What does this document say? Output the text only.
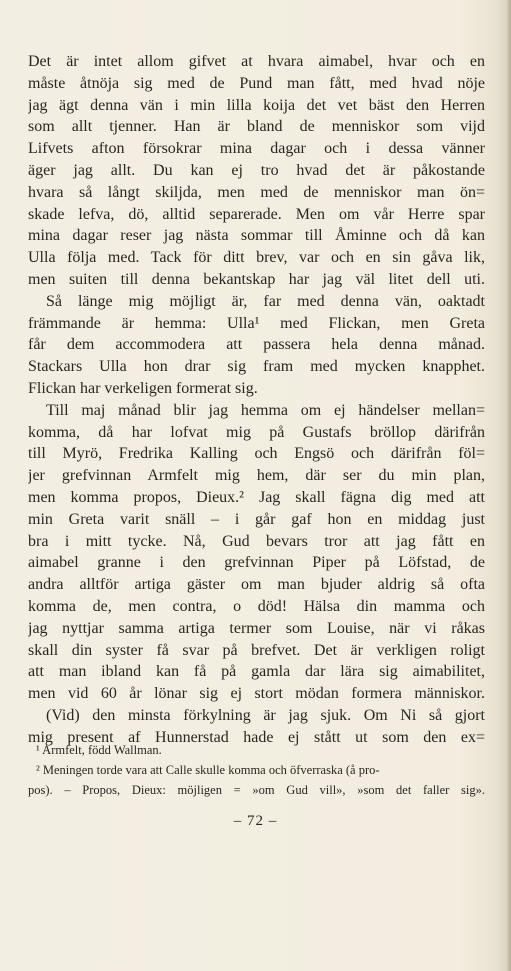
Det är intet allom gifvet at hvara aimabel, hvar och en
måste åtnöja sig med de Pund man fått, med hvad nöje
jag ägt denna vän i min lilla koija det vet bäst den Herren
som allt tjenner. Han är bland de menniskor som vijd
Lifvets afton försokrar mina dagar och i dessa vänner
äger jag allt. Du kan ej tro hvad det är påkostande
hvara så långt skiljda, men med de menniskor man ön=
skade lefva, dö, alltid separerade. Men om vår Herre spar
mina dagar reser jag nästa sommar till Åminne och då kan
Ulla följa med. Tack för ditt brev, var och en sin gåva lik,
men suiten till denna bekantskap har jag väl litet dell uti.
Så länge mig möjligt är, far med denna vän, oaktadt
främmande är hemma: Ulla¹ med Flickan, men Greta
får dem accommodera att passera hela denna månad.
Stackars Ulla hon drar sig fram med mycken knapphet.
Flickan har verkeligen formerat sig.
Till maj månad blir jag hemma om ej händelser mellan=
komma, då har lofvat mig på Gustafs bröllop därifrån
till Myrö, Fredrika Kalling och Engsö och därifrån föl=
jer grefvinnan Armfelt mig hem, där ser du min plan,
men komma propos, Dieux.² Jag skall fägna dig med att
min Greta varit snäll – i går gaf hon en middag just
bra i mitt tycke. Nå, Gud bevars tror att jag fått en
aimabel granne i den grefvinnan Piper på Löfstad, de
andra alltför artiga gäster om man bjuder aldrig så ofta
komma de, men contra, o död! Hälsa din mamma och
jag nyttjar samma artiga termer som Louise, när vi råkas
skall din syster få svar på brefvet. Det är verkligen roligt
att man ibland kan få på gamla dar lära sig aimabilitet,
men vid 60 år lönar sig ej stort mödan formera människor.
(Vid) den minsta förkylning är jag sjuk. Om Ni så gjort
mig present af Hunnerstad hade ej stått ut som den ex=
¹ Armfelt, född Wallman.
² Meningen torde vara att Calle skulle komma och öfverraska (å pro-
pos). – Propos, Dieux: möjligen = »om Gud vill», »som det faller sig».
– 72 –
